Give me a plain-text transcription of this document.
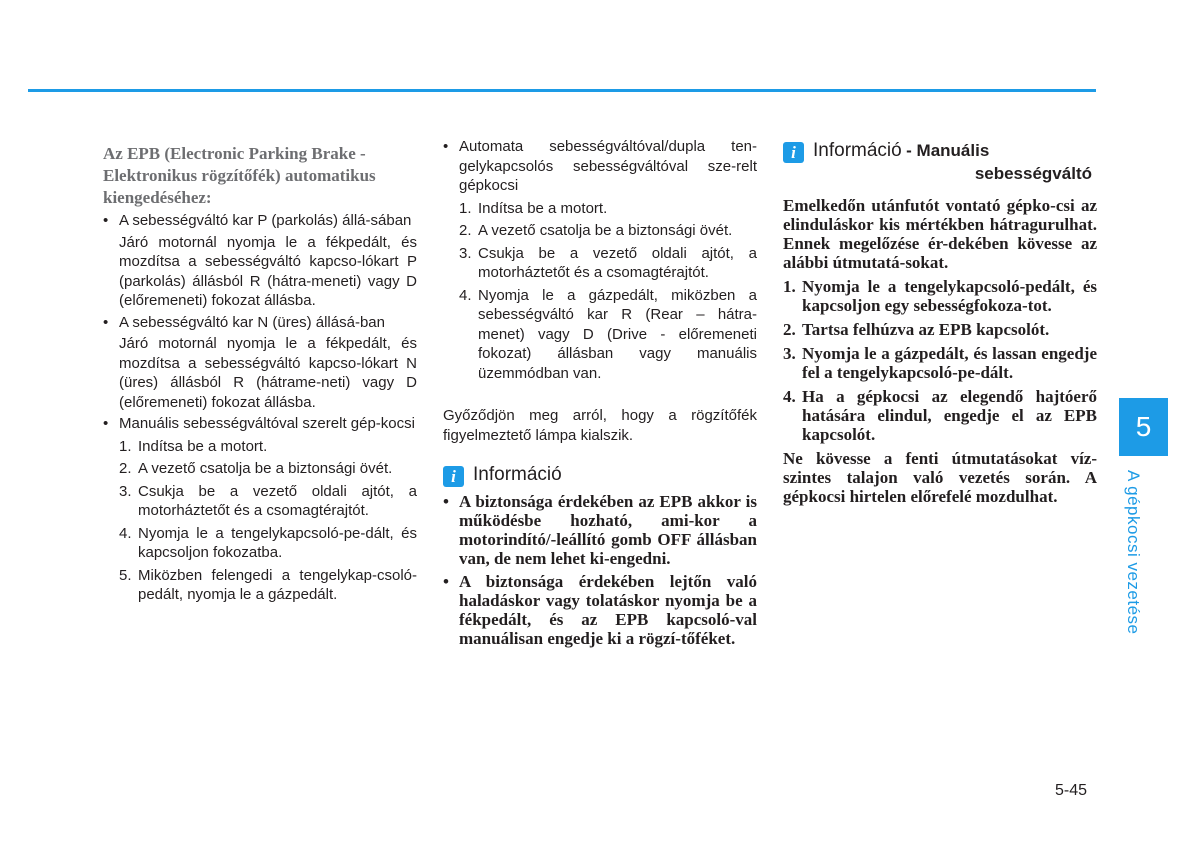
Az EPB (Electronic Parking Brake - Elektronikus rögzítőfék) automatikus kiengedéséhez:

• A sebességváltó kar P (parkolás) állá-sában
Járó motornál nyomja le a fékpedált, és mozdítsa a sebességváltó kapcso-lókart P (parkolás) állásból R (hátra-meneti) vagy D (előremeneti) fokozat állásba.
• A sebességváltó kar N (üres) állásá-ban
Járó motornál nyomja le a fékpedált, és mozdítsa a sebességváltó kapcso-lókart N (üres) állásból R (hátrame-neti) vagy D (előremeneti) fokozat állásba.
• Manuális sebességváltóval szerelt gép-kocsi
1. Indítsa be a motort.
2. A vezető csatolja be a biztonsági övét.
3. Csukja be a vezető oldali ajtót, a motorháztetőt és a csomagtérajtót.
4. Nyomja le a tengelykapcsoló-pe-dált, és kapcsoljon fokozatba.
5. Miközben felengedi a tengelykap-csoló-pedált, nyomja le a gázpedált.
• Automata sebességváltóval/dupla ten-gelykapcsolós sebességváltóval sze-relt gépkocsi
1. Indítsa be a motort.
2. A vezető csatolja be a biztonsági övét.
3. Csukja be a vezető oldali ajtót, a motorháztetőt és a csomagtérajtót.
4. Nyomja le a gázpedált, miközben a sebességváltó kar R (Rear – hátra-menet) vagy D (Drive - előremeneti fokozat) állásban vagy manuális üzemmódban van.
Győződjön meg arról, hogy a rögzítőfék figyelmeztető lámpa kialszik.
i Információ
• A biztonsága érdekében az EPB akkor is működésbe hozható, ami-kor a motorindító/-leállító gomb OFF állásban van, de nem lehet ki-engedni.
• A biztonsága érdekében lejtőn való haladáskor vagy tolatáskor nyomja be a fékpedált, és az EPB kapcsoló-val manuálisan engedje ki a rögzí-tőféket.
i Információ - Manuális
sebességváltó
Emelkedőn utánfutót vontató gépko-csi az elinduláskor kis mértékben hátragurulhat. Ennek megelőzése ér-dekében kövesse az alábbi útmutatá-sokat.
1. Nyomja le a tengelykapcsoló-pedált, és kapcsoljon egy sebességfokoza-tot.
2. Tartsa felhúzva az EPB kapcsolót.
3. Nyomja le a gázpedált, és lassan engedje fel a tengelykapcsoló-pe-dált.
4. Ha a gépkocsi az elegendő hajtóerő hatására elindul, engedje el az EPB kapcsolót.
Ne kövesse a fenti útmutatásokat víz-szintes talajon való vezetés során. A gépkocsi hirtelen előrefelé mozdulhat.
5
A gépkocsi vezetése
5-45
